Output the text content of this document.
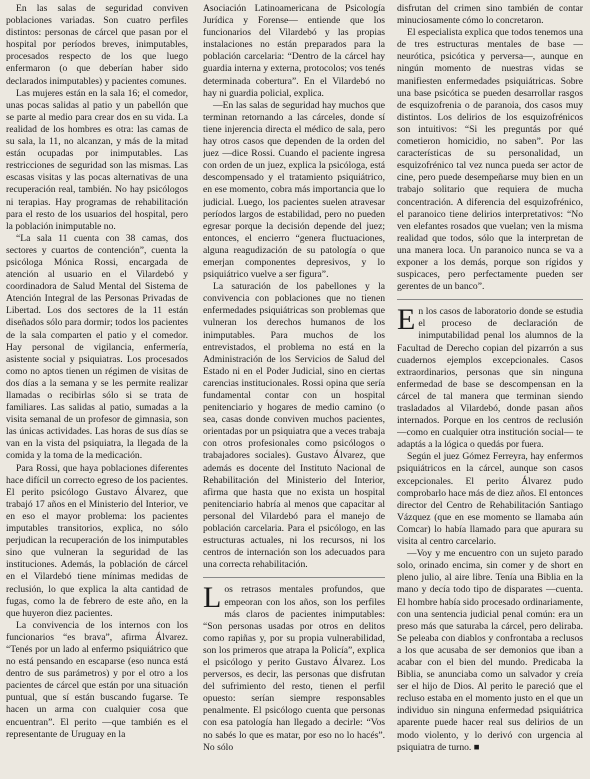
En las salas de seguridad conviven poblaciones variadas. Son cuatro perfiles distintos: personas de cárcel que pasan por el hospital por períodos breves, inimputables, procesados respecto de los que luego enfermaron (o que deberían haber sido declarados inimputables) y pacientes comunes.

Las mujeres están en la sala 16; el comedor, unas pocas salidas al patio y un pabellón que se parte al medio para crear dos en su vida. La realidad de los hombres es otra: las camas de su sala, la 11, no alcanzan, y más de la mitad están ocupadas por inimputables. Las restricciones de seguridad son las mismas. Las escasas visitas y las pocas alternativas de una recuperación real, también. No hay psicólogos ni terapias. Hay programas de rehabilitación para el resto de los usuarios del hospital, pero la población inimputable no.

“La sala 11 cuenta con 38 camas, dos sectores y cuartos de contención”, cuenta la psicóloga Mónica Rossi, encargada de atención al usuario en el Vilardebó y coordinadora de Salud Mental del Sistema de Atención Integral de las Personas Privadas de Libertad. Los dos sectores de la 11 están diseñados sólo para dormir; todos los pacientes de la sala comparten el patio y el comedor. Hay personal de vigilancia, enfermería, asistente social y psiquiatras. Los procesados como no aptos tienen un régimen de visitas de dos días a la semana y se les permite realizar llamadas o recibirlas sólo si se trata de familiares. Las salidas al patio, sumadas a la visita semanal de un profesor de gimnasia, son las únicas actividades. Las horas de sus días se van en la vista del psiquiatra, la llegada de la comida y la toma de la medicación.

Para Rossi, que haya poblaciones diferentes hace difícil un correcto egreso de los pacientes. El perito psicólogo Gustavo Álvarez, que trabajó 17 años en el Ministerio del Interior, ve en eso el mayor problema: los pacientes imputables transitorios, explica, no sólo perjudican la recuperación de los inimputables sino que vulneran la seguridad de las instituciones. Además, la población de cárcel en el Vilardebó tiene mínimas medidas de reclusión, lo que explica la alta cantidad de fugas, como la de febrero de este año, en la que huyeron diez pacientes.

La convivencia de los internos con los funcionarios “es brava”, afirma Álvarez. “Tenés por un lado al enfermo psiquiátrico que no está pensando en escaparse (eso nunca está dentro de sus parámetros) y por el otro a los pacientes de cárcel que están por una situación puntual, que sí están buscando fugarse. Te hacen un arma con cualquier cosa que encuentran”. El perito —que también es el representante de Uruguay en la

Asociación Latinoamericana de Psicología Jurídica y Forense— entiende que los funcionarios del Vilardebó y las propias instalaciones no están preparados para la población carcelaria: “Dentro de la cárcel hay guardia interna y externa, protocolos; vos tenés determinada cobertura”. En el Vilardebó no hay ni guardia policial, explica.

—En las salas de seguridad hay muchos que terminan retornando a las cárceles, donde sí tiene injerencia directa el médico de sala, pero hay otros casos que dependen de la orden del juez —dice Rossi. Cuando el paciente ingresa con orden de un juez, explica la psicóloga, está descompensado y el tratamiento psiquiátrico, en ese momento, cobra más importancia que lo judicial. Luego, los pacientes suelen atravesar períodos largos de estabilidad, pero no pueden egresar porque la decisión depende del juez; entonces, el encierro “genera fluctuaciones, alguna reagudización de su patología o que emerjan componentes depresivos, y lo psiquiátrico vuelve a ser figura”.

La saturación de los pabellones y la convivencia con poblaciones que no tienen enfermedades psiquiátricas son problemas que vulneran los derechos humanos de los inimputables. Para muchos de los entrevistados, el problema no está en la Administración de los Servicios de Salud del Estado ni en el Poder Judicial, sino en ciertas carencias institucionales. Rossi opina que sería fundamental contar con un hospital penitenciario y hogares de medio camino (o sea, casas donde conviven muchos pacientes, orientadas por un psiquiatra que a veces trabaja con otros profesionales como psicólogos o trabajadores sociales). Gustavo Álvarez, que además es docente del Instituto Nacional de Rehabilitación del Ministerio del Interior, afirma que hasta que no exista un hospital penitenciario habría al menos que capacitar al personal del Vilardebó para el manejo de población carcelaria. Para el psicólogo, en las estructuras actuales, ni los recursos, ni los centros de internación son los adecuados para una correcta rehabilitación.

Los retrasos mentales profundos, que empeoran con los años, son los perfiles más claros de pacientes inimputables: “Son personas usadas por otros en delitos como rapiñas y, por su propia vulnerabilidad, son los primeros que atrapa la Policía”, explica el psicólogo y perito Gustavo Álvarez. Los perversos, es decir, las personas que disfrutan del sufrimiento del resto, tienen el perfil opuesto: serían siempre responsables penalmente. El psicólogo cuenta que personas con esa patología han llegado a decirle: “Vos no sabés lo que es matar, por eso no lo hacés”. No sólo

disfrutan del crimen sino también de contar minuciosamente cómo lo concretaron.

El especialista explica que todos tenemos una de tres estructuras mentales de base —neurótica, psicótica y perversa—, aunque en ningún momento de nuestras vidas se manifiesten enfermedades psiquiátricas. Sobre una base psicótica se pueden desarrollar rasgos de esquizofrenia o de paranoia, dos casos muy distintos. Los delirios de los esquizofrénicos son intuitivos: “Si les preguntás por qué cometieron homicidio, no saben”. Por las características de su personalidad, un esquizofrénico tal vez nunca pueda ser actor de cine, pero puede desempeñarse muy bien en un trabajo solitario que requiera de mucha concentración. A diferencia del esquizofrénico, el paranoico tiene delirios interpretativos: “No ven elefantes rosados que vuelan; ven la misma realidad que todos, sólo que la interpretan de una manera loca. Un paranoico nunca se va a exponer a los demás, porque son rígidos y suspicaces, pero perfectamente pueden ser gerentes de un banco”.

En los casos de laboratorio donde se estudia el proceso de declaración de inimputabilidad penal los alumnos de la Facultad de Derecho copian del pizarrón a sus cuadernos ejemplos excepcionales. Casos extraordinarios, personas que sin ninguna enfermedad de base se descompensan en la cárcel de tal manera que terminan siendo trasladados al Vilardebó, donde pasan años internados. Porque en los centros de reclusión —como en cualquier otra institución social— te adaptás a la lógica o quedás por fuera.

Según el juez Gómez Ferreyra, hay enfermos psiquiátricos en la cárcel, aunque son casos excepcionales. El perito Álvarez pudo comprobarlo hace más de diez años. El entonces director del Centro de Rehabilitación Santiago Vázquez (que en ese momento se llamaba aún Comcar) lo había llamado para que apurara su visita al centro carcelario.

—Voy y me encuentro con un sujeto parado solo, orinado encima, sin comer y de short en pleno julio, al aire libre. Tenía una Biblia en la mano y decía todo tipo de disparates —cuenta. El hombre había sido procesado ordinariamente, con una sentencia judicial penal común: era un preso más que saturaba la cárcel, pero deliraba. Se peleaba con diablos y confrontaba a reclusos a los que acusaba de ser demonios que iban a acabar con el bien del mundo. Predicaba la Biblia, se anunciaba como un salvador y creía ser el hijo de Dios. Al perito le pareció que el recluso estaba en el momento justo en el que un individuo sin ninguna enfermedad psiquiátrica aparente puede hacer real sus delirios de un modo violento, y lo derivó con urgencia al psiquiatra de turno. ■
